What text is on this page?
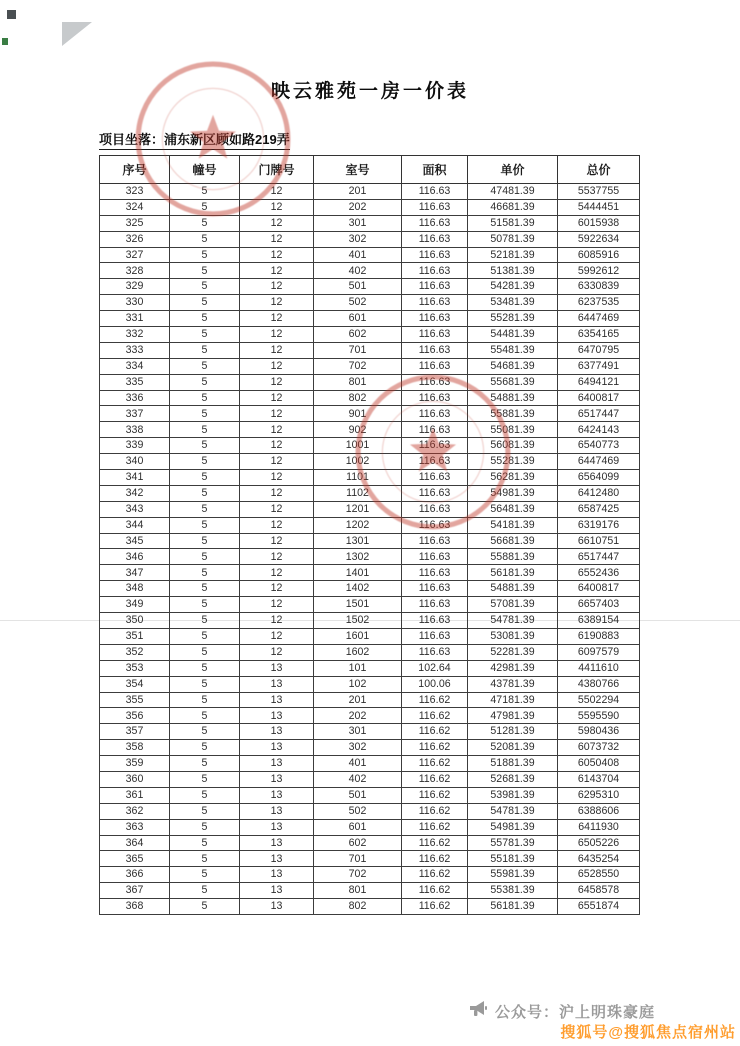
映云雅苑一房一价表
项目坐落：浦东新区顾如路219弄
序号	幢号	门牌号	室号	面积	单价	总价
323	5	12	201	116.63	47481.39	5537755
324	5	12	202	116.63	46681.39	5444451
325	5	12	301	116.63	51581.39	6015938
326	5	12	302	116.63	50781.39	5922634
327	5	12	401	116.63	52181.39	6085916
328	5	12	402	116.63	51381.39	5992612
329	5	12	501	116.63	54281.39	6330839
330	5	12	502	116.63	53481.39	6237535
331	5	12	601	116.63	55281.39	6447469
332	5	12	602	116.63	54481.39	6354165
333	5	12	701	116.63	55481.39	6470795
334	5	12	702	116.63	54681.39	6377491
335	5	12	801	116.63	55681.39	6494121
336	5	12	802	116.63	54881.39	6400817
337	5	12	901	116.63	55881.39	6517447
338	5	12	902	116.63	55081.39	6424143
339	5	12	1001	116.63	56081.39	6540773
340	5	12	1002	116.63	55281.39	6447469
341	5	12	1101	116.63	56281.39	6564099
342	5	12	1102	116.63	54981.39	6412480
343	5	12	1201	116.63	56481.39	6587425
344	5	12	1202	116.63	54181.39	6319176
345	5	12	1301	116.63	56681.39	6610751
346	5	12	1302	116.63	55881.39	6517447
347	5	12	1401	116.63	56181.39	6552436
348	5	12	1402	116.63	54881.39	6400817
349	5	12	1501	116.63	57081.39	6657403
350	5	12	1502	116.63	54781.39	6389154
351	5	12	1601	116.63	53081.39	6190883
352	5	12	1602	116.63	52281.39	6097579
353	5	13	101	102.64	42981.39	4411610
354	5	13	102	100.06	43781.39	4380766
355	5	13	201	116.62	47181.39	5502294
356	5	13	202	116.62	47981.39	5595590
357	5	13	301	116.62	51281.39	5980436
358	5	13	302	116.62	52081.39	6073732
359	5	13	401	116.62	51881.39	6050408
360	5	13	402	116.62	52681.39	6143704
361	5	13	501	116.62	53981.39	6295310
362	5	13	502	116.62	54781.39	6388606
363	5	13	601	116.62	54981.39	6411930
364	5	13	602	116.62	55781.39	6505226
365	5	13	701	116.62	55181.39	6435254
366	5	13	702	116.62	55981.39	6528550
367	5	13	801	116.62	55381.39	6458578
368	5	13	802	116.62	56181.39	6551874
公众号：沪上明珠豪庭
搜狐号@搜狐焦点宿州站
